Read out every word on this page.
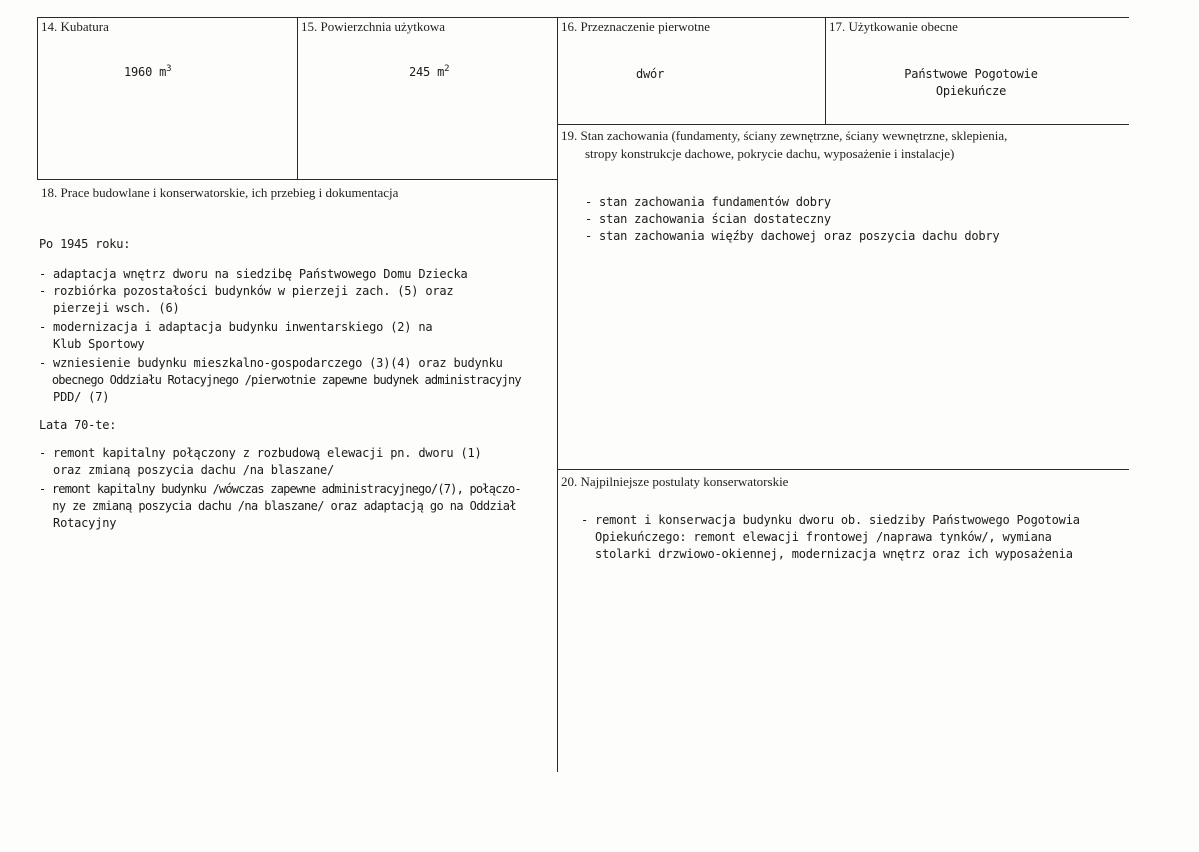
14. Kubatura
1960 $m^3$
15. Powierzchnia użytkowa
245 $m^2$
16. Przeznaczenie pierwotne
dwór
17. Użytkowanie obecne
Państwowe Pogotowie
Opiekuńcze
19. Stan zachowania (fundamenty, ściany zewnętrzne, ściany wewnętrzne, sklepienia,
stropy konstrukcje dachowe, pokrycie dachu, wyposażenie i instalacje)
- stan zachowania fundamentów dobry
- stan zachowania ścian dostateczny
- stan zachowania więźby dachowej oraz poszycia dachu dobry
18. Prace budowlane i konserwatorskie, ich przebieg i dokumentacja
Po 1945 roku:
- adaptacja wnętrz dworu na siedzibę Państwowego Domu Dziecka
- rozbiórka pozostałości budynków w pierzeji zach. (5) oraz
pierzeji wsch. (6)
- modernizacja i adaptacja budynku inwentarskiego (2) na
Klub Sportowy
- wzniesienie budynku mieszkalno-gospodarczego (3)(4) oraz budynku
obecnego Oddziału Rotacyjnego /pierwotnie zapewne budynek administracyjny
PDD/ (7)
Lata 70-te:
- remont kapitalny połączony z rozbudową elewacji pn. dworu (1)
oraz zmianą poszycia dachu /na blaszane/
- remont kapitalny budynku /wówczas zapewne administracyjnego/(7), połączo-
ny ze zmianą poszycia dachu /na blaszane/ oraz adaptacją go na Oddział
Rotacyjny
20. Najpilniejsze postulaty konserwatorskie
- remont i konserwacja budynku dworu ob. siedziby Państwowego Pogotowia
Opiekuńczego: remont elewacji frontowej /naprawa tynków/, wymiana
stolarki drzwiowo-okiennej, modernizacja wnętrz oraz ich wyposażenia
